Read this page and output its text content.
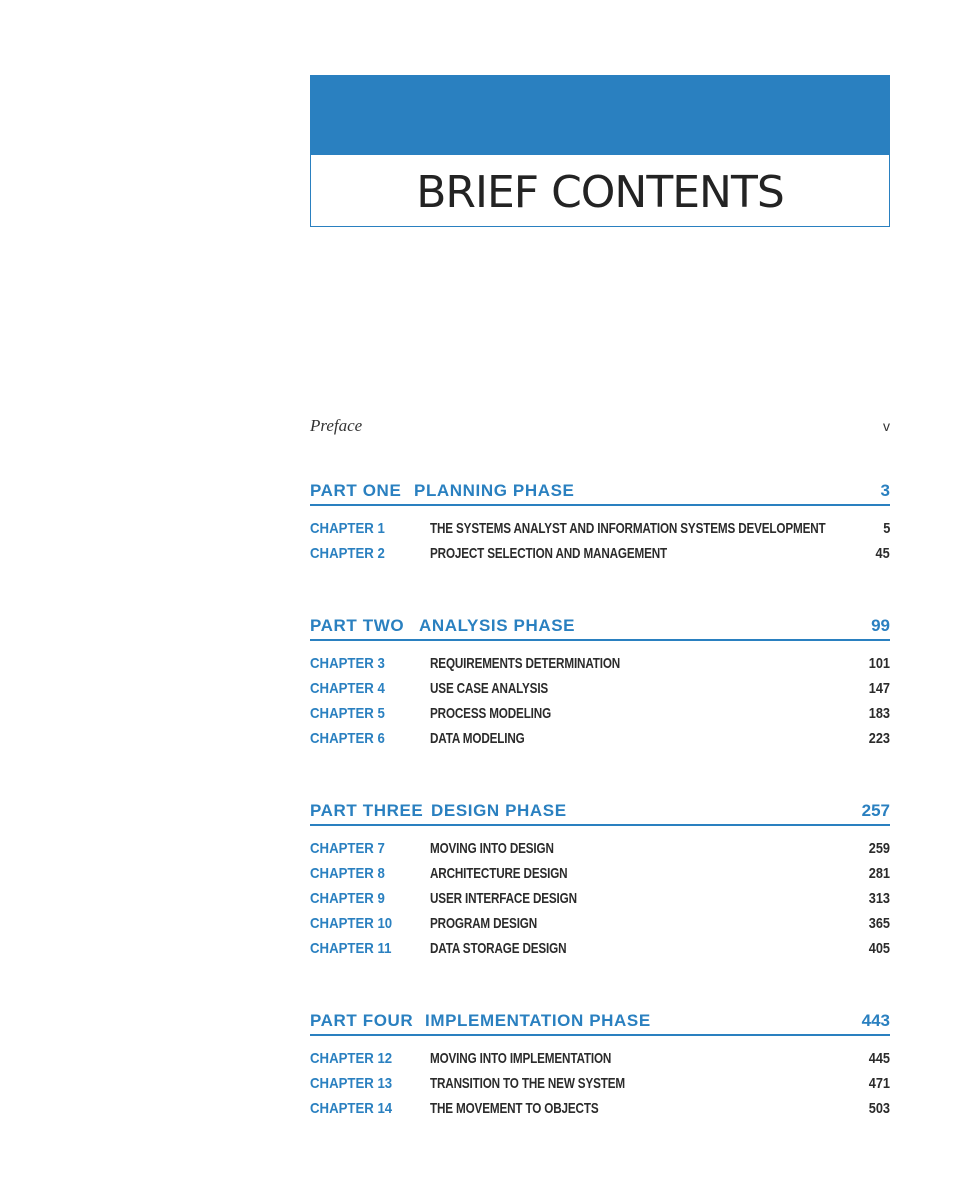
BRIEF CONTENTS
Preface	v
PART ONE PLANNING PHASE	3
CHAPTER 1	THE SYSTEMS ANALYST AND INFORMATION SYSTEMS DEVELOPMENT	5
CHAPTER 2	PROJECT SELECTION AND MANAGEMENT	45
PART TWO ANALYSIS PHASE	99
CHAPTER 3	REQUIREMENTS DETERMINATION	101
CHAPTER 4	USE CASE ANALYSIS	147
CHAPTER 5	PROCESS MODELING	183
CHAPTER 6	DATA MODELING	223
PART THREE DESIGN PHASE	257
CHAPTER 7	MOVING INTO DESIGN	259
CHAPTER 8	ARCHITECTURE DESIGN	281
CHAPTER 9	USER INTERFACE DESIGN	313
CHAPTER 10	PROGRAM DESIGN	365
CHAPTER 11	DATA STORAGE DESIGN	405
PART FOUR IMPLEMENTATION PHASE	443
CHAPTER 12	MOVING INTO IMPLEMENTATION	445
CHAPTER 13	TRANSITION TO THE NEW SYSTEM	471
CHAPTER 14	THE MOVEMENT TO OBJECTS	503
